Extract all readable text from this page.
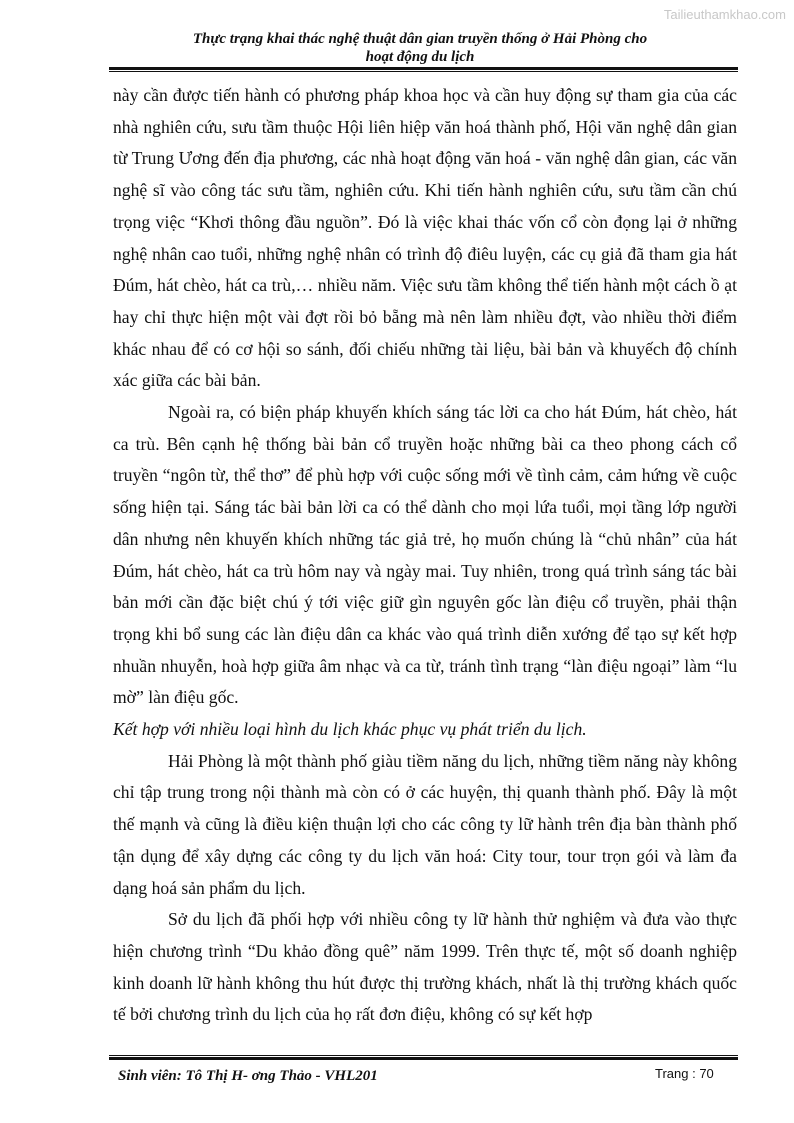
Tailieuthamkhao.com
Thực trạng khai thác nghệ thuật dân gian truyền thống ở Hải Phòng cho
hoạt động du lịch

này cần được tiến hành có phương pháp khoa học và cần huy động sự tham gia của các nhà nghiên cứu, sưu tầm thuộc Hội liên hiệp văn hoá thành phố, Hội văn nghệ dân gian từ Trung Ương đến địa phương, các nhà hoạt động văn hoá - văn nghệ dân gian, các văn nghệ sĩ vào công tác sưu tầm, nghiên cứu. Khi tiến hành nghiên cứu, sưu tầm cần chú trọng việc “Khơi thông đầu nguồn”. Đó là việc khai thác vốn cổ còn đọng lại ở những nghệ nhân cao tuổi, những nghệ nhân có trình độ điêu luyện, các cụ giả đã tham gia hát Đúm, hát chèo, hát ca trù,… nhiều năm. Việc sưu tầm không thể tiến hành một cách ồ ạt hay chỉ thực hiện một vài đợt rồi bỏ bẵng mà nên làm nhiều đợt, vào nhiều thời điểm khác nhau để có cơ hội so sánh, đối chiếu những tài liệu, bài bản và khuyếch độ chính xác giữa các bài bản.

Ngoài ra, có biện pháp khuyến khích sáng tác lời ca cho hát Đúm, hát chèo, hát ca trù. Bên cạnh hệ thống bài bản cổ truyền hoặc những bài ca theo phong cách cổ truyền “ngôn từ, thể thơ” để phù hợp với cuộc sống mới về tình cảm, cảm hứng về cuộc sống hiện tại. Sáng tác bài bản lời ca có thể dành cho mọi lứa tuổi, mọi tầng lớp người dân nhưng nên khuyến khích những tác giả trẻ, họ muốn chúng là “chủ nhân” của hát Đúm, hát chèo, hát ca trù hôm nay và ngày mai. Tuy nhiên, trong quá trình sáng tác bài bản mới cần đặc biệt chú ý tới việc giữ gìn nguyên gốc làn điệu cổ truyền, phải thận trọng khi bổ sung các làn điệu dân ca khác vào quá trình diễn xướng để tạo sự kết hợp nhuần nhuyễn, hoà hợp giữa âm nhạc và ca từ, tránh tình trạng “làn điệu ngoại” làm “lu mờ” làn điệu gốc.

Kết hợp với nhiều loại hình du lịch khác phục vụ phát triển du lịch.

Hải Phòng là một thành phố giàu tiềm năng du lịch, những tiềm năng này không chỉ tập trung trong nội thành mà còn có ở các huyện, thị quanh thành phố. Đây là một thế mạnh và cũng là điều kiện thuận lợi cho các công ty lữ hành trên địa bàn thành phố tận dụng để xây dựng các công ty du lịch văn hoá: City tour, tour trọn gói và làm đa dạng hoá sản phẩm du lịch.

Sở du lịch đã phối hợp với nhiều công ty lữ hành thử nghiệm và đưa vào thực hiện chương trình “Du khảo đồng quê” năm 1999. Trên thực tế, một số doanh nghiệp kinh doanh lữ hành không thu hút được thị trường khách, nhất là thị trường khách quốc tế bởi chương trình du lịch của họ rất đơn điệu, không có sự kết hợp

Sinh viên: Tô Thị H- ơng Thảo - VHL201	Trang : 70
